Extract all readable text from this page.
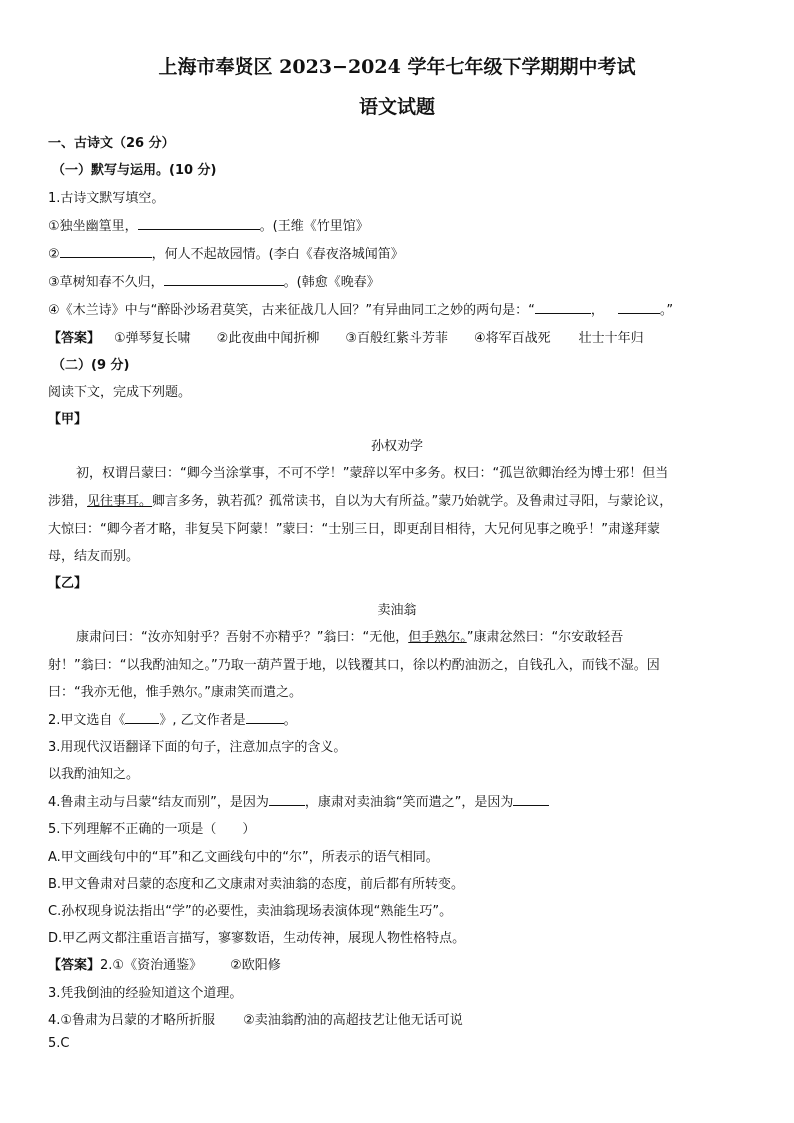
上海市奉贤区 2023−2024 学年七年级下学期期中考试
语文试题
一、古诗文（26 分）
（一）默写与运用。(10 分)
1.古诗文默写填空。
①独坐幽篁里，	。(王维《竹里馆》
②	，何人不起故园情。(李白《春夜洛城闻笛》
③草树知春不久归，	。(韩愈《晚春》
④《木兰诗》中与“醉卧沙场君莫笑，古来征战几人回？”有异曲同工之妙的两句是：“	，	。”
【答案】 ①弹琴复长啸 ②此夜曲中闻折柳 ③百般红紫斗芳菲 ④将军百战死 壮士十年归
（二）(9 分)
阅读下文，完成下列题。
【甲】
孙权劝学
初，权谓吕蒙曰：“卿今当涂掌事，不可不学！”蒙辞以军中多务。权曰：“孤岂欲卿治经为博士邪！但当
涉猎，见往事耳。卿言多务，孰若孤？孤常读书，自以为大有所益。”蒙乃始就学。及鲁肃过寻阳，与蒙论议，
大惊曰：“卿今者才略，非复吴下阿蒙！”蒙曰：“士别三日，即更刮目相待，大兄何见事之晚乎！”肃遂拜蒙
母，结友而别。
【乙】
卖油翁
康肃问曰：“汝亦知射乎？吾射不亦精乎？”翁曰：“无他，但手熟尔。”康肃忿然曰：“尔安敢轻吾
射！”翁曰：“以我酌油知之。”乃取一葫芦置于地，以钱覆其口，徐以杓酌油沥之，自钱孔入，而钱不湿。因
曰：“我亦无他，惟手熟尔。”康肃笑而遣之。
2.甲文选自《	》, 乙文作者是	。
3.用现代汉语翻译下面的句子，注意加点字的含义。
以我酌油知之。
4.鲁肃主动与吕蒙“结友而别”，是因为	，康肃对卖油翁“笑而遣之”，是因为
5.下列理解不正确的一项是（　　）
A.甲文画线句中的“耳”和乙文画线句中的“尔”，所表示的语气相同。
B.甲文鲁肃对吕蒙的态度和乙文康肃对卖油翁的态度，前后都有所转变。
C.孙权现身说法指出“学”的必要性，卖油翁现场表演体现“熟能生巧”。
D.甲乙两文都注重语言描写，寥寥数语，生动传神，展现人物性格特点。
【答案】2.①《资治通鉴》 ②欧阳修
3.凭我倒油的经验知道这个道理。
4.①鲁肃为吕蒙的才略所折服 ②卖油翁酌油的高超技艺让他无话可说
5.C
